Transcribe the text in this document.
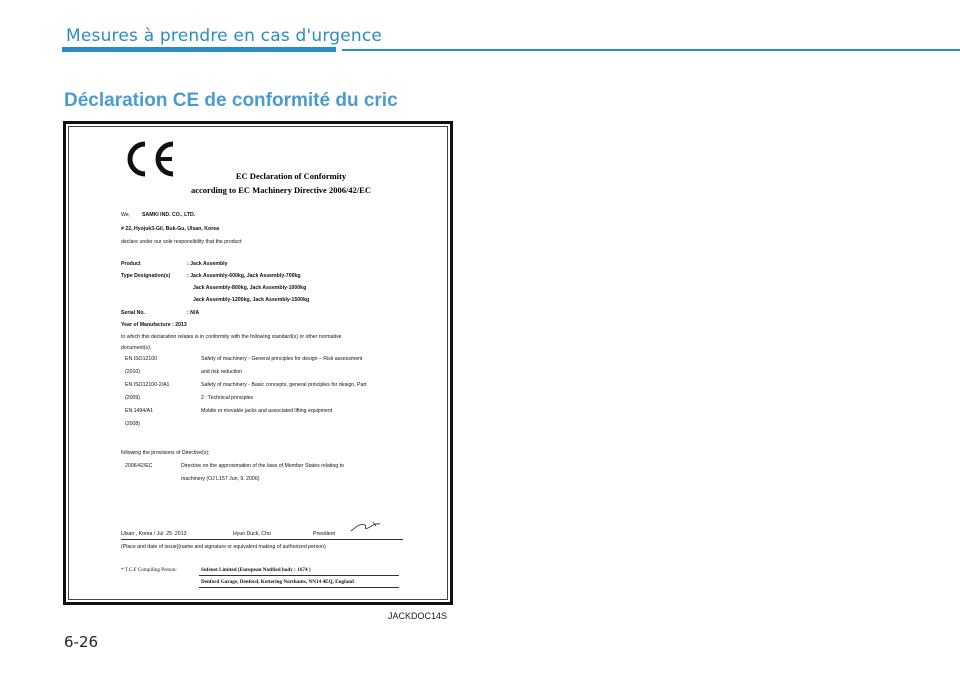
Mesures à prendre en cas d'urgence
Déclaration CE de conformité du cric
EC Declaration of Conformity
according to EC Machinery Directive 2006/42/EC
We, SAMKI IND. CO., LTD.
# 22, Hyojuk3-Gil, Buk-Gu, Ulsan, Korea
declare under our sole responsibility that the product
Product	: Jack Assembly
Type Designation(s)	: Jack Assembly-600kg, Jack Assembly-700kg
Jack Assembly-800kg, Jack Assembly-1000kg
Jack Assembly-1200kg, Jack Assembly-1500kg
Serial No.	: N/A
Year of Manufacture : 2013
to which this declaration relates is in conformity with the following standard(s) or other normative
document(s);
EN ISO12100	Safety of machinery - General principles for design – Risk assessment
(2010)	and risk reduction
EN ISO12100-2/A1	Safety of machinery - Basic concepts, general principles for design, Part
(2009)	2 : Technical principles
EN 1494/A1	Mobile or movable jacks and associated lifting equipment
(2008)
following the provisions of Directive(s);
2006/42/EC	Directive on the approximation of the laws of Member States relating to
machinery (OJ L157 Jun, 9. 2006)
Ulsan , Korea / Jul .25 .2013	Hyun Duck, Cho	President
(Place and date of issue)(name and signature or equivalent making of authorized person)
* T.C.F Compiling Person:	Sufenet Limited (European Notified body : 1674 )
Denford Garage, Denford, Kettering Northants, NN14 4EQ, England
JACKDOC14S
6-26
